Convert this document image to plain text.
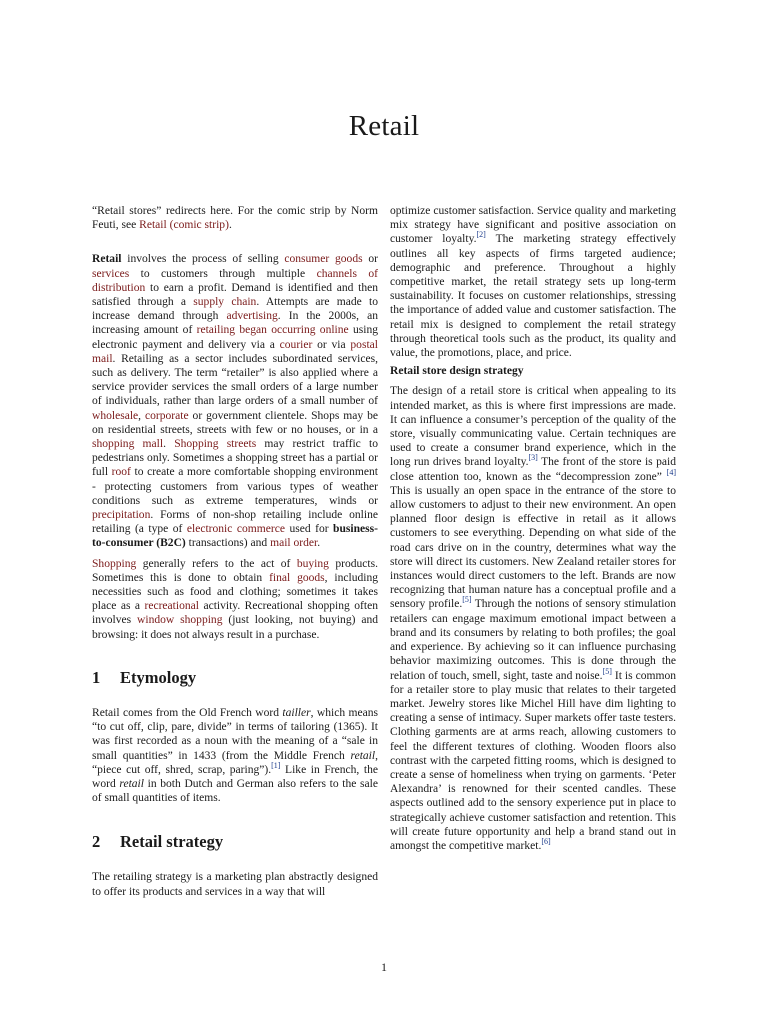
Retail

“Retail stores” redirects here. For the comic strip by Norm Feuti, see Retail (comic strip).

Retail involves the process of selling consumer goods or services to customers through multiple channels of distribution to earn a profit. Demand is identified and then satisfied through a supply chain. Attempts are made to increase demand through advertising. In the 2000s, an increasing amount of retailing began occurring online using electronic payment and delivery via a courier or via postal mail. Retailing as a sector includes subordinated services, such as delivery. The term “retailer” is also applied where a service provider services the small orders of a large number of individuals, rather than large orders of a small number of wholesale, corporate or government clientele. Shops may be on residential streets, streets with few or no houses, or in a shopping mall. Shopping streets may restrict traffic to pedestrians only. Sometimes a shopping street has a partial or full roof to create a more comfortable shopping environment - protecting customers from various types of weather conditions such as extreme temperatures, winds or precipitation. Forms of non-shop retailing include online retailing (a type of electronic commerce used for business-to-consumer (B2C) transactions) and mail order.

Shopping generally refers to the act of buying products. Sometimes this is done to obtain final goods, including necessities such as food and clothing; sometimes it takes place as a recreational activity. Recreational shopping often involves window shopping (just looking, not buying) and browsing: it does not always result in a purchase.

1 Etymology

Retail comes from the Old French word tailler, which means “to cut off, clip, pare, divide” in terms of tailoring (1365). It was first recorded as a noun with the meaning of a “sale in small quantities” in 1433 (from the Middle French retail, “piece cut off, shred, scrap, paring”).[1] Like in French, the word retail in both Dutch and German also refers to the sale of small quantities of items.

2 Retail strategy

The retailing strategy is a marketing plan abstractly designed to offer its products and services in a way that will

optimize customer satisfaction. Service quality and marketing mix strategy have significant and positive association on customer loyalty.[2] The marketing strategy effectively outlines all key aspects of firms targeted audience; demographic and preference. Throughout a highly competitive market, the retail strategy sets up long-term sustainability. It focuses on customer relationships, stressing the importance of added value and customer satisfaction. The retail mix is designed to complement the retail strategy through theoretical tools such as the product, its quality and value, the promotions, place, and price.

Retail store design strategy

The design of a retail store is critical when appealing to its intended market, as this is where first impressions are made. It can influence a consumer’s perception of the quality of the store, visually communicating value. Certain techniques are used to create a consumer brand experience, which in the long run drives brand loyalty.[3] The front of the store is paid close attention too, known as the “decompression zone” [4] This is usually an open space in the entrance of the store to allow customers to adjust to their new environment. An open planned floor design is effective in retail as it allows customers to see everything. Depending on what side of the road cars drive on in the country, determines what way the store will direct its customers. New Zealand retailer stores for instances would direct customers to the left. Brands are now recognizing that human nature has a conceptual profile and a sensory profile.[5] Through the notions of sensory stimulation retailers can engage maximum emotional impact between a brand and its consumers by relating to both profiles; the goal and experience. By achieving so it can influence purchasing behavior maximizing outcomes. This is done through the relation of touch, smell, sight, taste and noise.[5] It is common for a retailer store to play music that relates to their targeted market. Jewelry stores like Michel Hill have dim lighting to creating a sense of intimacy. Super markets offer taste testers. Clothing garments are at arms reach, allowing customers to feel the different textures of clothing. Wooden floors also contrast with the carpeted fitting rooms, which is designed to create a sense of homeliness when trying on garments. ‘Peter Alexandra’ is renowned for their scented candles. These aspects outlined add to the sensory experience put in place to strategically achieve customer satisfaction and retention. This will create future opportunity and help a brand stand out in amongst the competitive market.[6]

1
